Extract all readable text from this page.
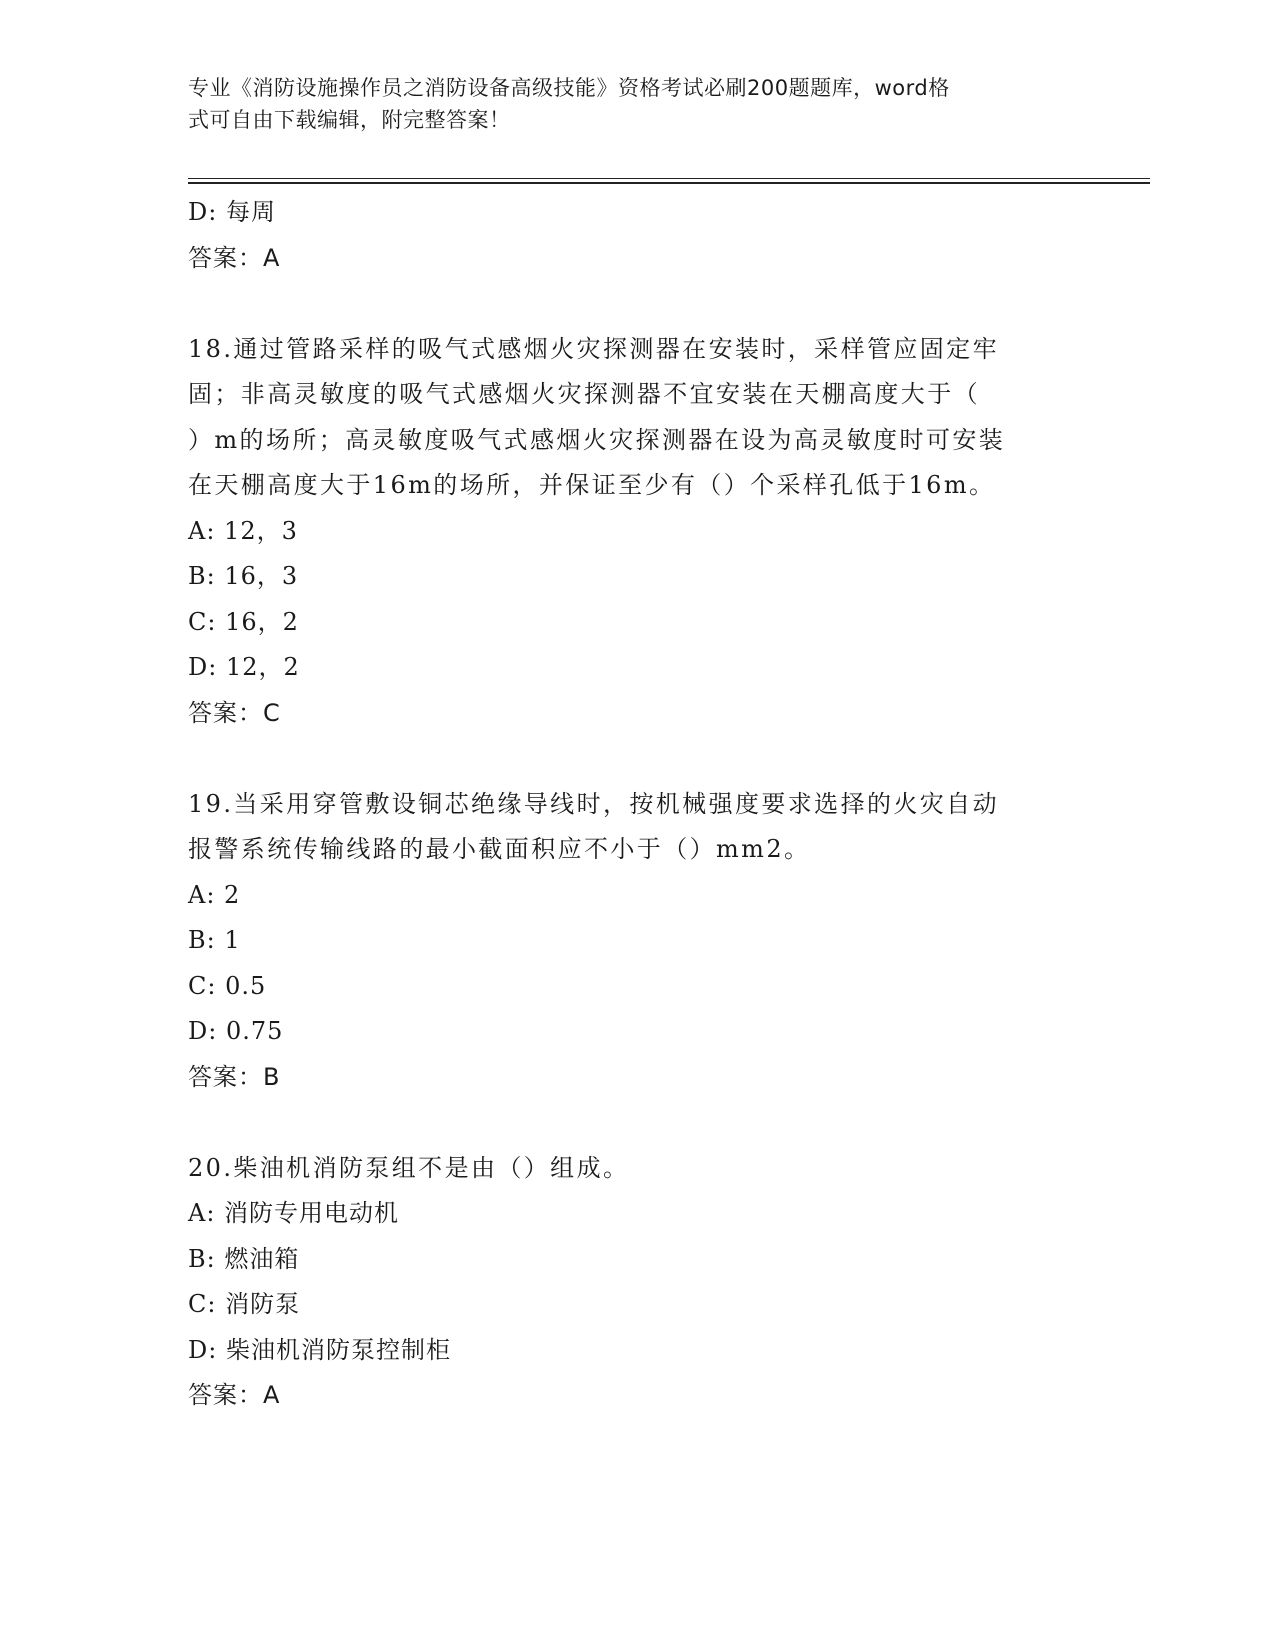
专业《消防设施操作员之消防设备高级技能》资格考试必刷200题题库，word格
式可自由下载编辑，附完整答案！
D: 每周
答案：A
18.通过管路采样的吸气式感烟火灾探测器在安装时，采样管应固定牢
固；非高灵敏度的吸气式感烟火灾探测器不宜安装在天棚高度大于（
）m的场所；高灵敏度吸气式感烟火灾探测器在设为高灵敏度时可安装
在天棚高度大于16m的场所，并保证至少有（）个采样孔低于16m。
A: 12，3
B: 16，3
C: 16，2
D: 12，2
答案：C
19.当采用穿管敷设铜芯绝缘导线时，按机械强度要求选择的火灾自动
报警系统传输线路的最小截面积应不小于（）mm2。
A: 2
B: 1
C: 0.5
D: 0.75
答案：B
20.柴油机消防泵组不是由（）组成。
A: 消防专用电动机
B: 燃油箱
C: 消防泵
D: 柴油机消防泵控制柜
答案：A
